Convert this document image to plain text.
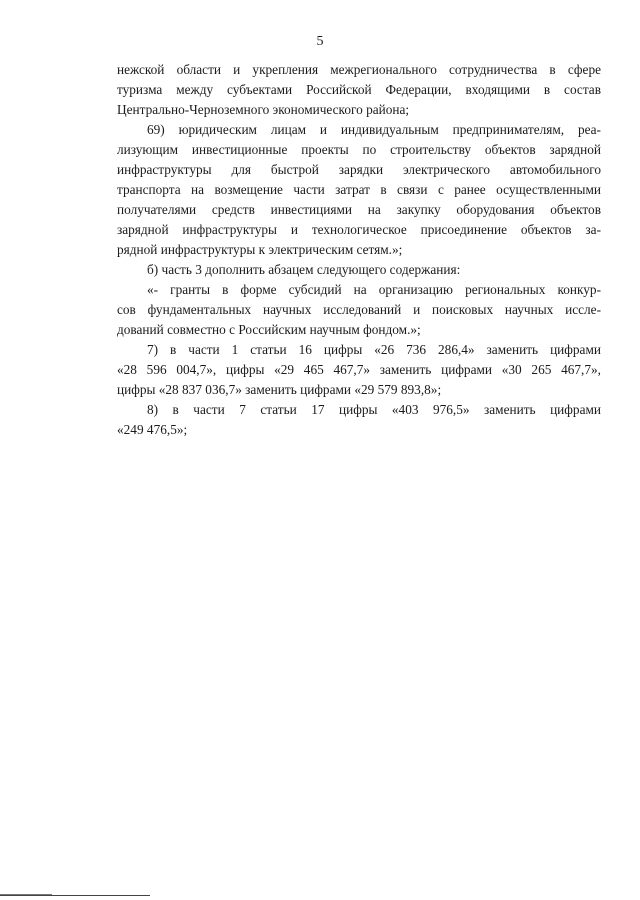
5
нежской области и укрепления межрегионального сотрудничества в сфере
туризма между субъектами Российской Федерации, входящими в состав
Центрально-Черноземного экономического района;
69) юридическим лицам и индивидуальным предпринимателям, реа-
лизующим инвестиционные проекты по строительству объектов зарядной
инфраструктуры для быстрой зарядки электрического автомобильного
транспорта на возмещение части затрат в связи с ранее осуществленными
получателями средств инвестициями на закупку оборудования объектов
зарядной инфраструктуры и технологическое присоединение объектов за-
рядной инфраструктуры к электрическим сетям.»;
б) часть 3 дополнить абзацем следующего содержания:
«- гранты в форме субсидий на организацию региональных конкур-
сов фундаментальных научных исследований и поисковых научных иссле-
дований совместно с Российским научным фондом.»;
7) в части 1 статьи 16 цифры «26 736 286,4» заменить цифрами
«28 596 004,7», цифры «29 465 467,7» заменить цифрами «30 265 467,7»,
цифры «28 837 036,7» заменить цифрами «29 579 893,8»;
8) в части 7 статьи 17 цифры «403 976,5» заменить цифрами
«249 476,5»;
